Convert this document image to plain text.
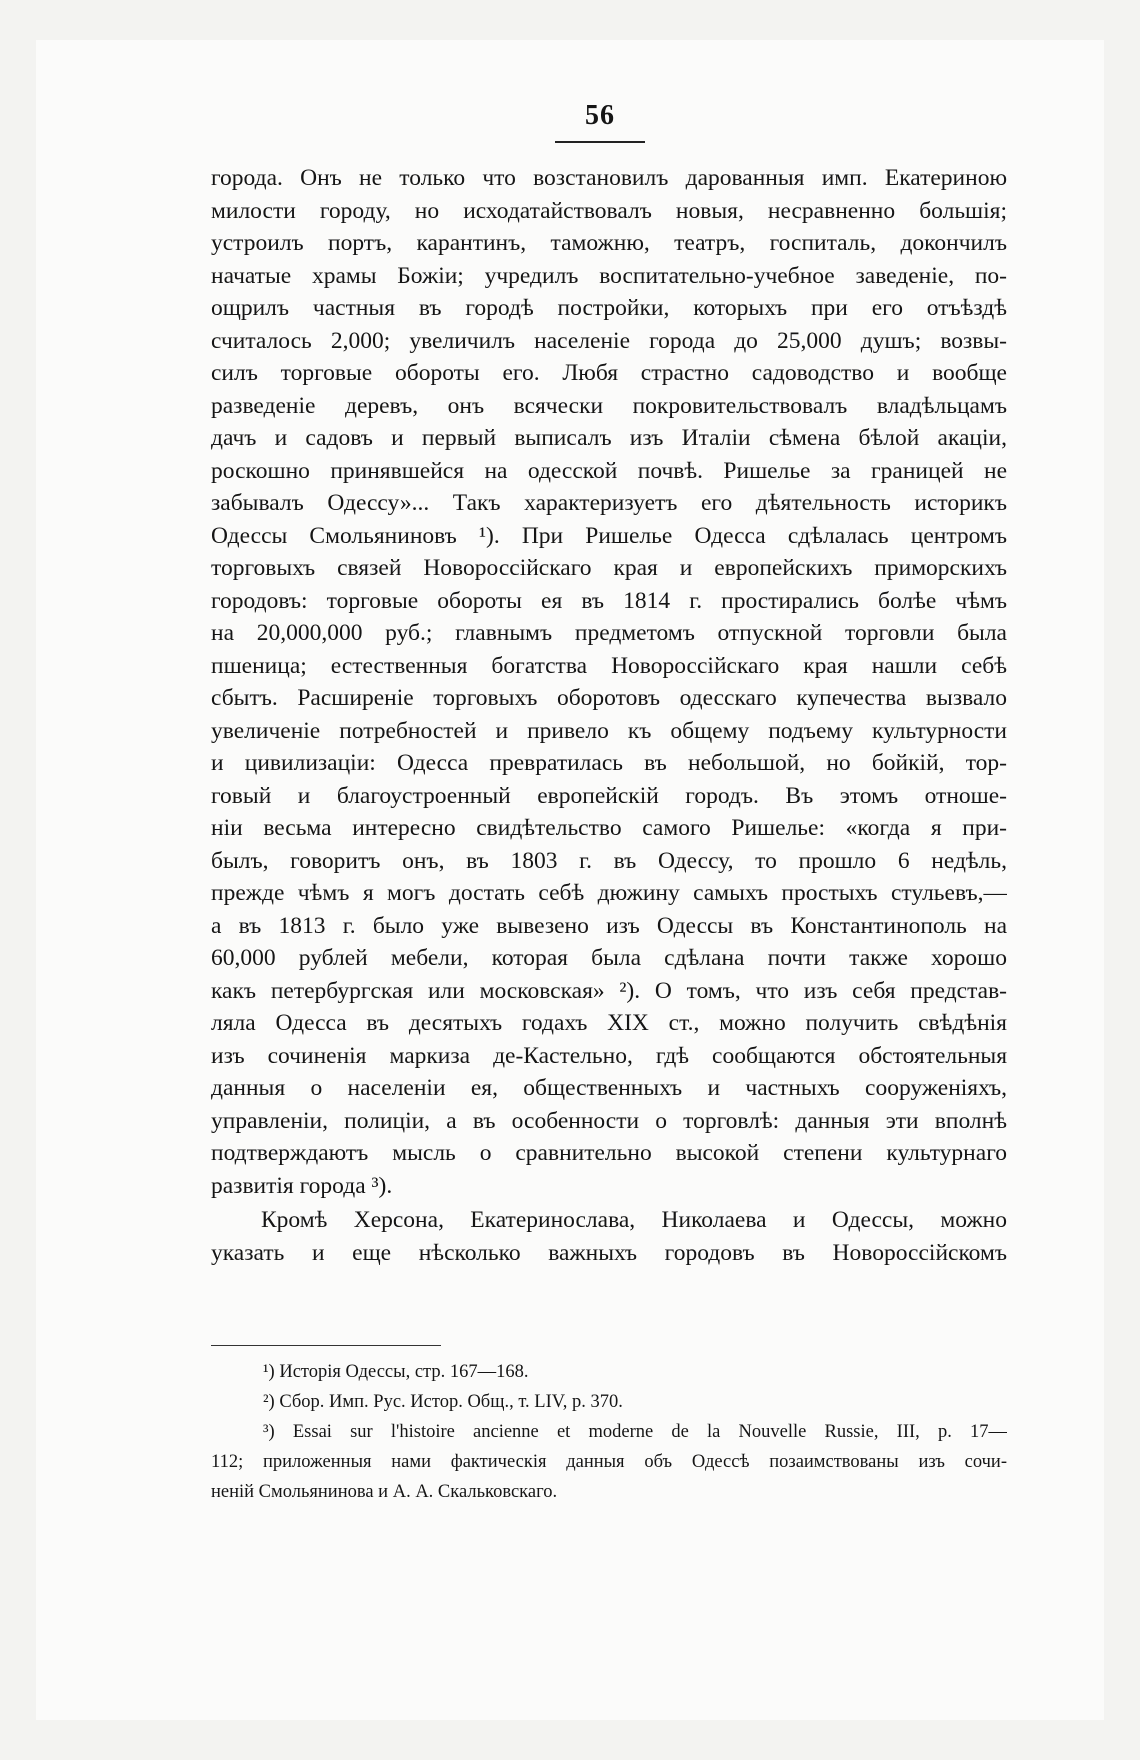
56
города. Онъ не только что возстановилъ дарованныя имп. Екатериною
милости городу, но исходатайствовалъ новыя, несравненно большiя;
устроилъ портъ, карантинъ, таможню, театръ, госпиталь, докончилъ
начатые храмы Божiи; учредилъ воспитательно-учебное заведенiе, по-
ощрилъ частныя въ городѣ постройки, которыхъ при его отъѣздѣ
считалось 2,000; увеличилъ населенiе города до 25,000 душъ; возвы-
силъ торговые обороты его. Любя страстно садоводство и вообще
разведенiе деревъ, онъ всячески покровительствовалъ владѣльцамъ
дачъ и садовъ и первый выписалъ изъ Италiи сѣмена бѣлой акацiи,
роскошно принявшейся на одесской почвѣ. Ришелье за границей не
забывалъ Одессу»... Такъ характеризуетъ его дѣятельность историкъ
Одессы Смольяниновъ ¹). При Ришелье Одесса сдѣлалась центромъ
торговыхъ связей Новороссiйскаго края и европейскихъ приморскихъ
городовъ: торговые обороты ея въ 1814 г. простирались болѣе чѣмъ
на 20,000,000 руб.; главнымъ предметомъ отпускной торговли была
пшеница; естественныя богатства Новороссiйскаго края нашли себѣ
сбытъ. Расширенiе торговыхъ оборотовъ одесскаго купечества вызвало
увеличенiе потребностей и привело къ общему подъему культурности
и цивилизацiи: Одесса превратилась въ небольшой, но бойкiй, тор-
говый и благоустроенный европейскiй городъ. Въ этомъ отноше-
нiи весьма интересно свидѣтельство самого Ришелье: «когда я при-
былъ, говоритъ онъ, въ 1803 г. въ Одессу, то прошло 6 недѣль,
прежде чѣмъ я могъ достать себѣ дюжину самыхъ простыхъ стульевъ,—
а въ 1813 г. было уже вывезено изъ Одессы въ Константинополь на
60,000 рублей мебели, которая была сдѣлана почти также хорошо
какъ петербургская или московская» ²). О томъ, что изъ себя представ-
ляла Одесса въ десятыхъ годахъ XIX ст., можно получить свѣдѣнiя
изъ сочиненiя маркиза де-Кастельно, гдѣ сообщаются обстоятельныя
данныя о населенiи ея, общественныхъ и частныхъ сооруженiяхъ,
управленiи, полицiи, а въ особенности о торговлѣ: данныя эти вполнѣ
подтверждаютъ мысль о сравнительно высокой степени культурнаго
развитiя города ³).
Кромѣ Херсона, Екатеринослава, Николаева и Одессы, можно
указать и еще нѣсколько важныхъ городовъ въ Новороссiйскомъ
¹) Исторiя Одессы, стр. 167—168.
²) Сбор. Имп. Рус. Истор. Общ., т. LIV, р. 370.
³) Essai sur l'histoire ancienne et moderne de la Nouvelle Russie, III, p. 17—
112; приложенныя нами фактическiя данныя объ Одессѣ позаимствованы изъ сочи-
ненiй Смольянинова и А. А. Скальковскаго.
